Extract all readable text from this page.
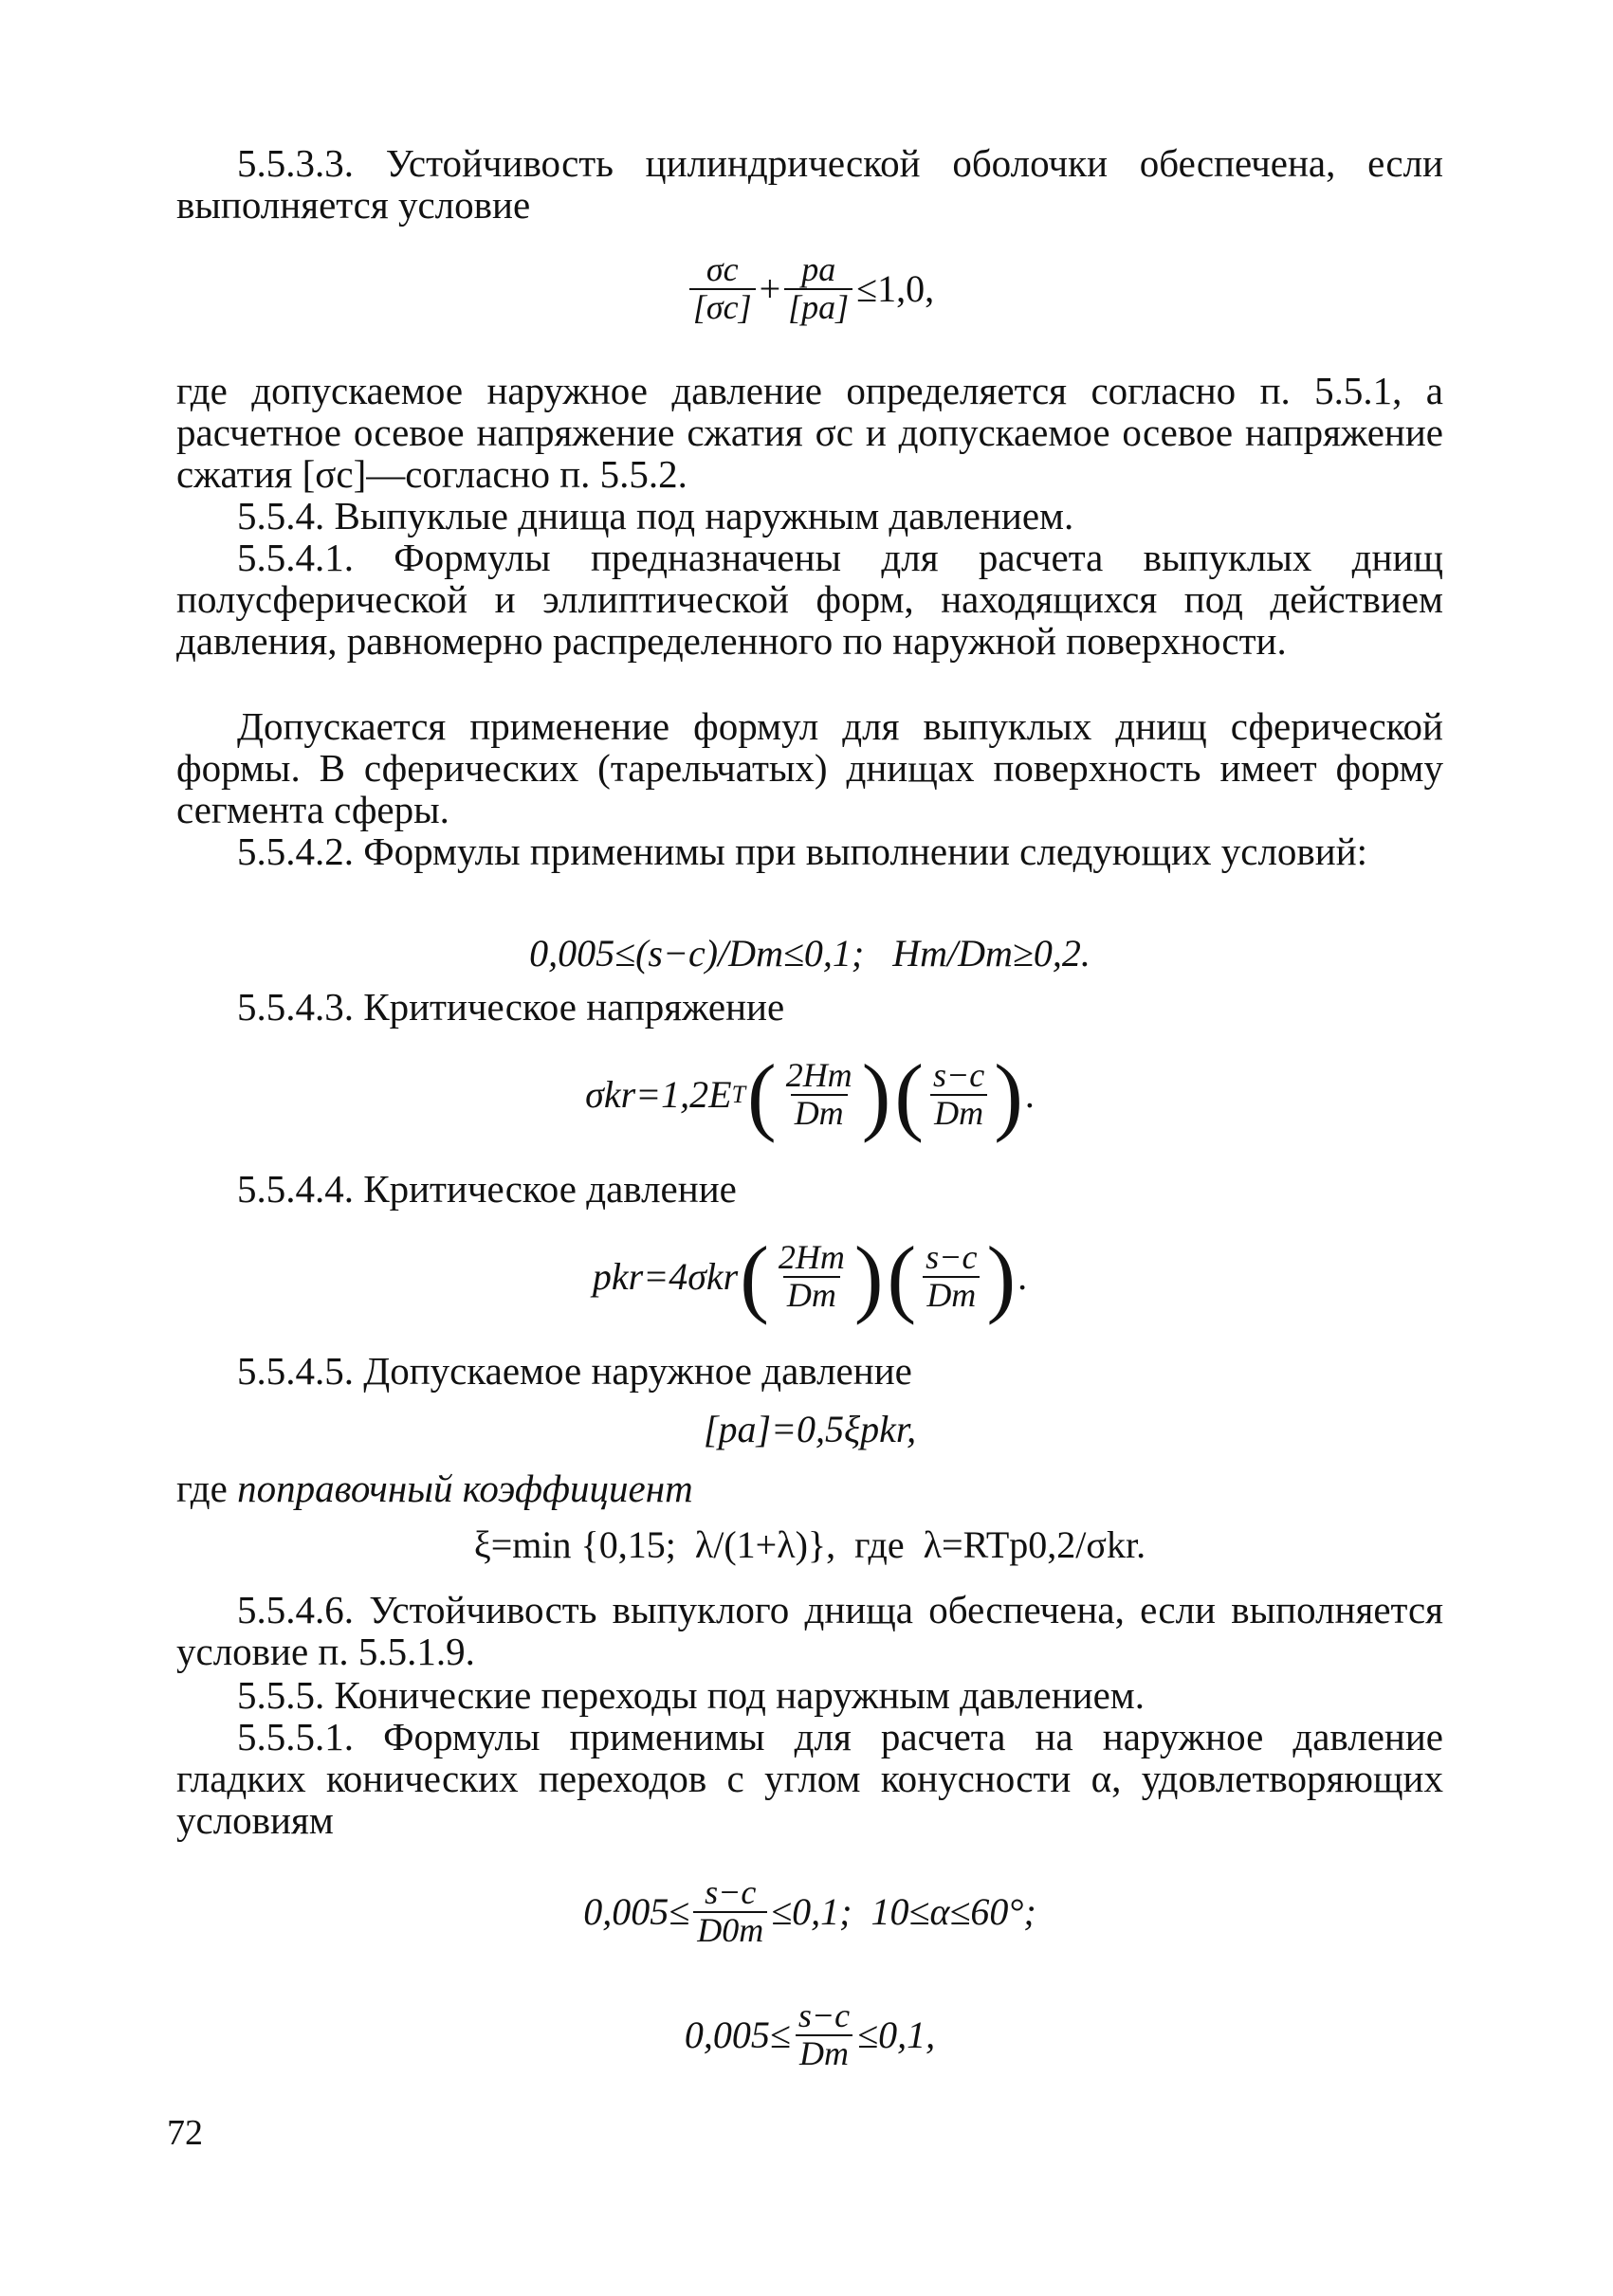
5.5.3.3. Устойчивость цилиндрической оболочки обеспечена, если выполняется условие

$\frac{\sigma c}{[\sigma c]} + \frac{pa}{[pa]} \le 1,0$,

где допускаемое наружное давление определяется согласно п. 5.5.1, а расчетное осевое напряжение сжатия σc и допускаемое осевое напряжение сжатия [σc]—согласно п. 5.5.2.

5.5.4. Выпуклые днища под наружным давлением.

5.5.4.1. Формулы предназначены для расчета выпуклых днищ полусферической и эллиптической форм, находящихся под действием давления, равномерно распределенного по наружной поверхности.

Допускается применение формул для выпуклых днищ сферической формы. В сферических (тарельчатых) днищах поверхность имеет форму сегмента сферы.

5.5.4.2. Формулы применимы при выполнении следующих условий:

0,005≤(s−c)/Dm≤0,1;   Hm/Dm≥0,2.

5.5.4.3. Критическое напряжение

σkr=1,2E T ( $\frac{2Hm}{Dm}$ ) ( $\frac{s-c}{Dm}$ ) .

5.5.4.4. Критическое давление

pkr=4σkr ( $\frac{2Hm}{Dm}$ ) ( $\frac{s-c}{Dm}$ ) .

5.5.4.5. Допускаемое наружное давление

[pa]=0,5ξpkr,

где поправочный коэффициент

ξ=min {0,15;  λ/(1+λ)},  где  λ=RTp0,2/σkr.

5.5.4.6. Устойчивость выпуклого днища обеспечена, если выполняется условие п. 5.5.1.9.

5.5.5. Конические переходы под наружным давлением.

5.5.5.1. Формулы применимы для расчета на наружное давление гладких конических переходов с углом конусности α, удовлетворяющих условиям

$0,005\le \frac{s-c}{D0m} \le 0,1$;  10≤α≤60°;
$0,005\le \frac{s-c}{Dm} \le 0,1$,
72
